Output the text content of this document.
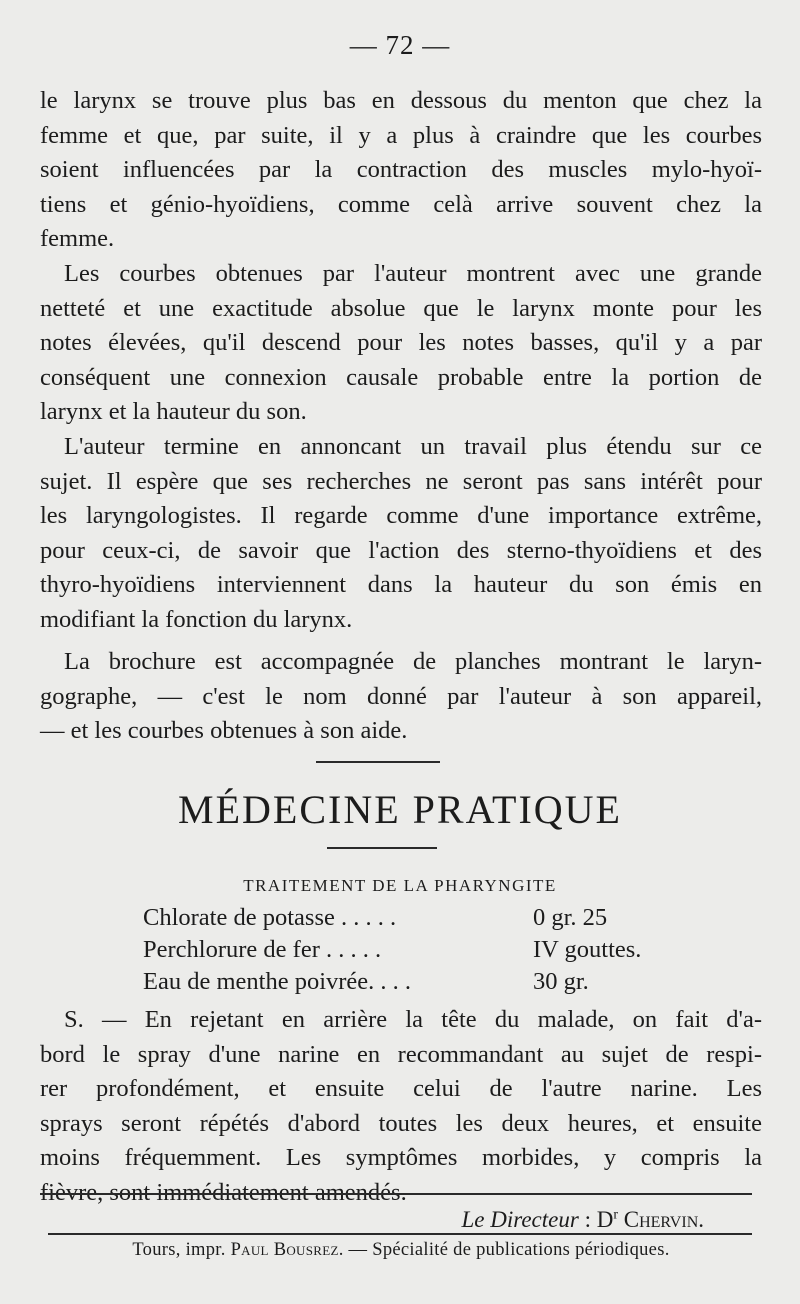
— 72 —

le larynx se trouve plus bas en dessous du menton que chez la

femme et que, par suite, il y a plus à craindre que les courbes

soient influencées par la contraction des muscles mylo-hyoï-

tiens et génio-hyoïdiens, comme celà arrive souvent chez la

femme.

Les courbes obtenues par l'auteur montrent avec une grande

netteté et une exactitude absolue que le larynx monte pour les

notes élevées, qu'il descend pour les notes basses, qu'il y a par

conséquent une connexion causale probable entre la portion de

larynx et la hauteur du son.

L'auteur termine en annoncant un travail plus étendu sur ce

sujet. Il espère que ses recherches ne seront pas sans intérêt pour

les laryngologistes. Il regarde comme d'une importance extrême,

pour ceux-ci, de savoir que l'action des sterno-thyoïdiens et des

thyro-hyoïdiens interviennent dans la hauteur du son émis en

modifiant la fonction du larynx.

La brochure est accompagnée de planches montrant le laryn-

gographe, — c'est le nom donné par l'auteur à son appareil,

— et les courbes obtenues à son aide.

MÉDECINE PRATIQUE
TRAITEMENT DE LA PHARYNGITE
Chlorate de potasse . . . . .	0 gr. 25
Perchlorure de fer . . . . .	IV gouttes.
Eau de menthe poivrée. . . .	30 gr.

S. — En rejetant en arrière la tête du malade, on fait d'a-

bord le spray d'une narine en recommandant au sujet de respi-

rer profondément, et ensuite celui de l'autre narine. Les

sprays seront répétés d'abord toutes les deux heures, et ensuite

moins fréquemment. Les symptômes morbides, y compris la

fièvre, sont immédiatement amendés.

Le Directeur : $D^r$ Chervin.
Tours, impr. Paul Bousrez. — Spécialité de publications périodiques.
